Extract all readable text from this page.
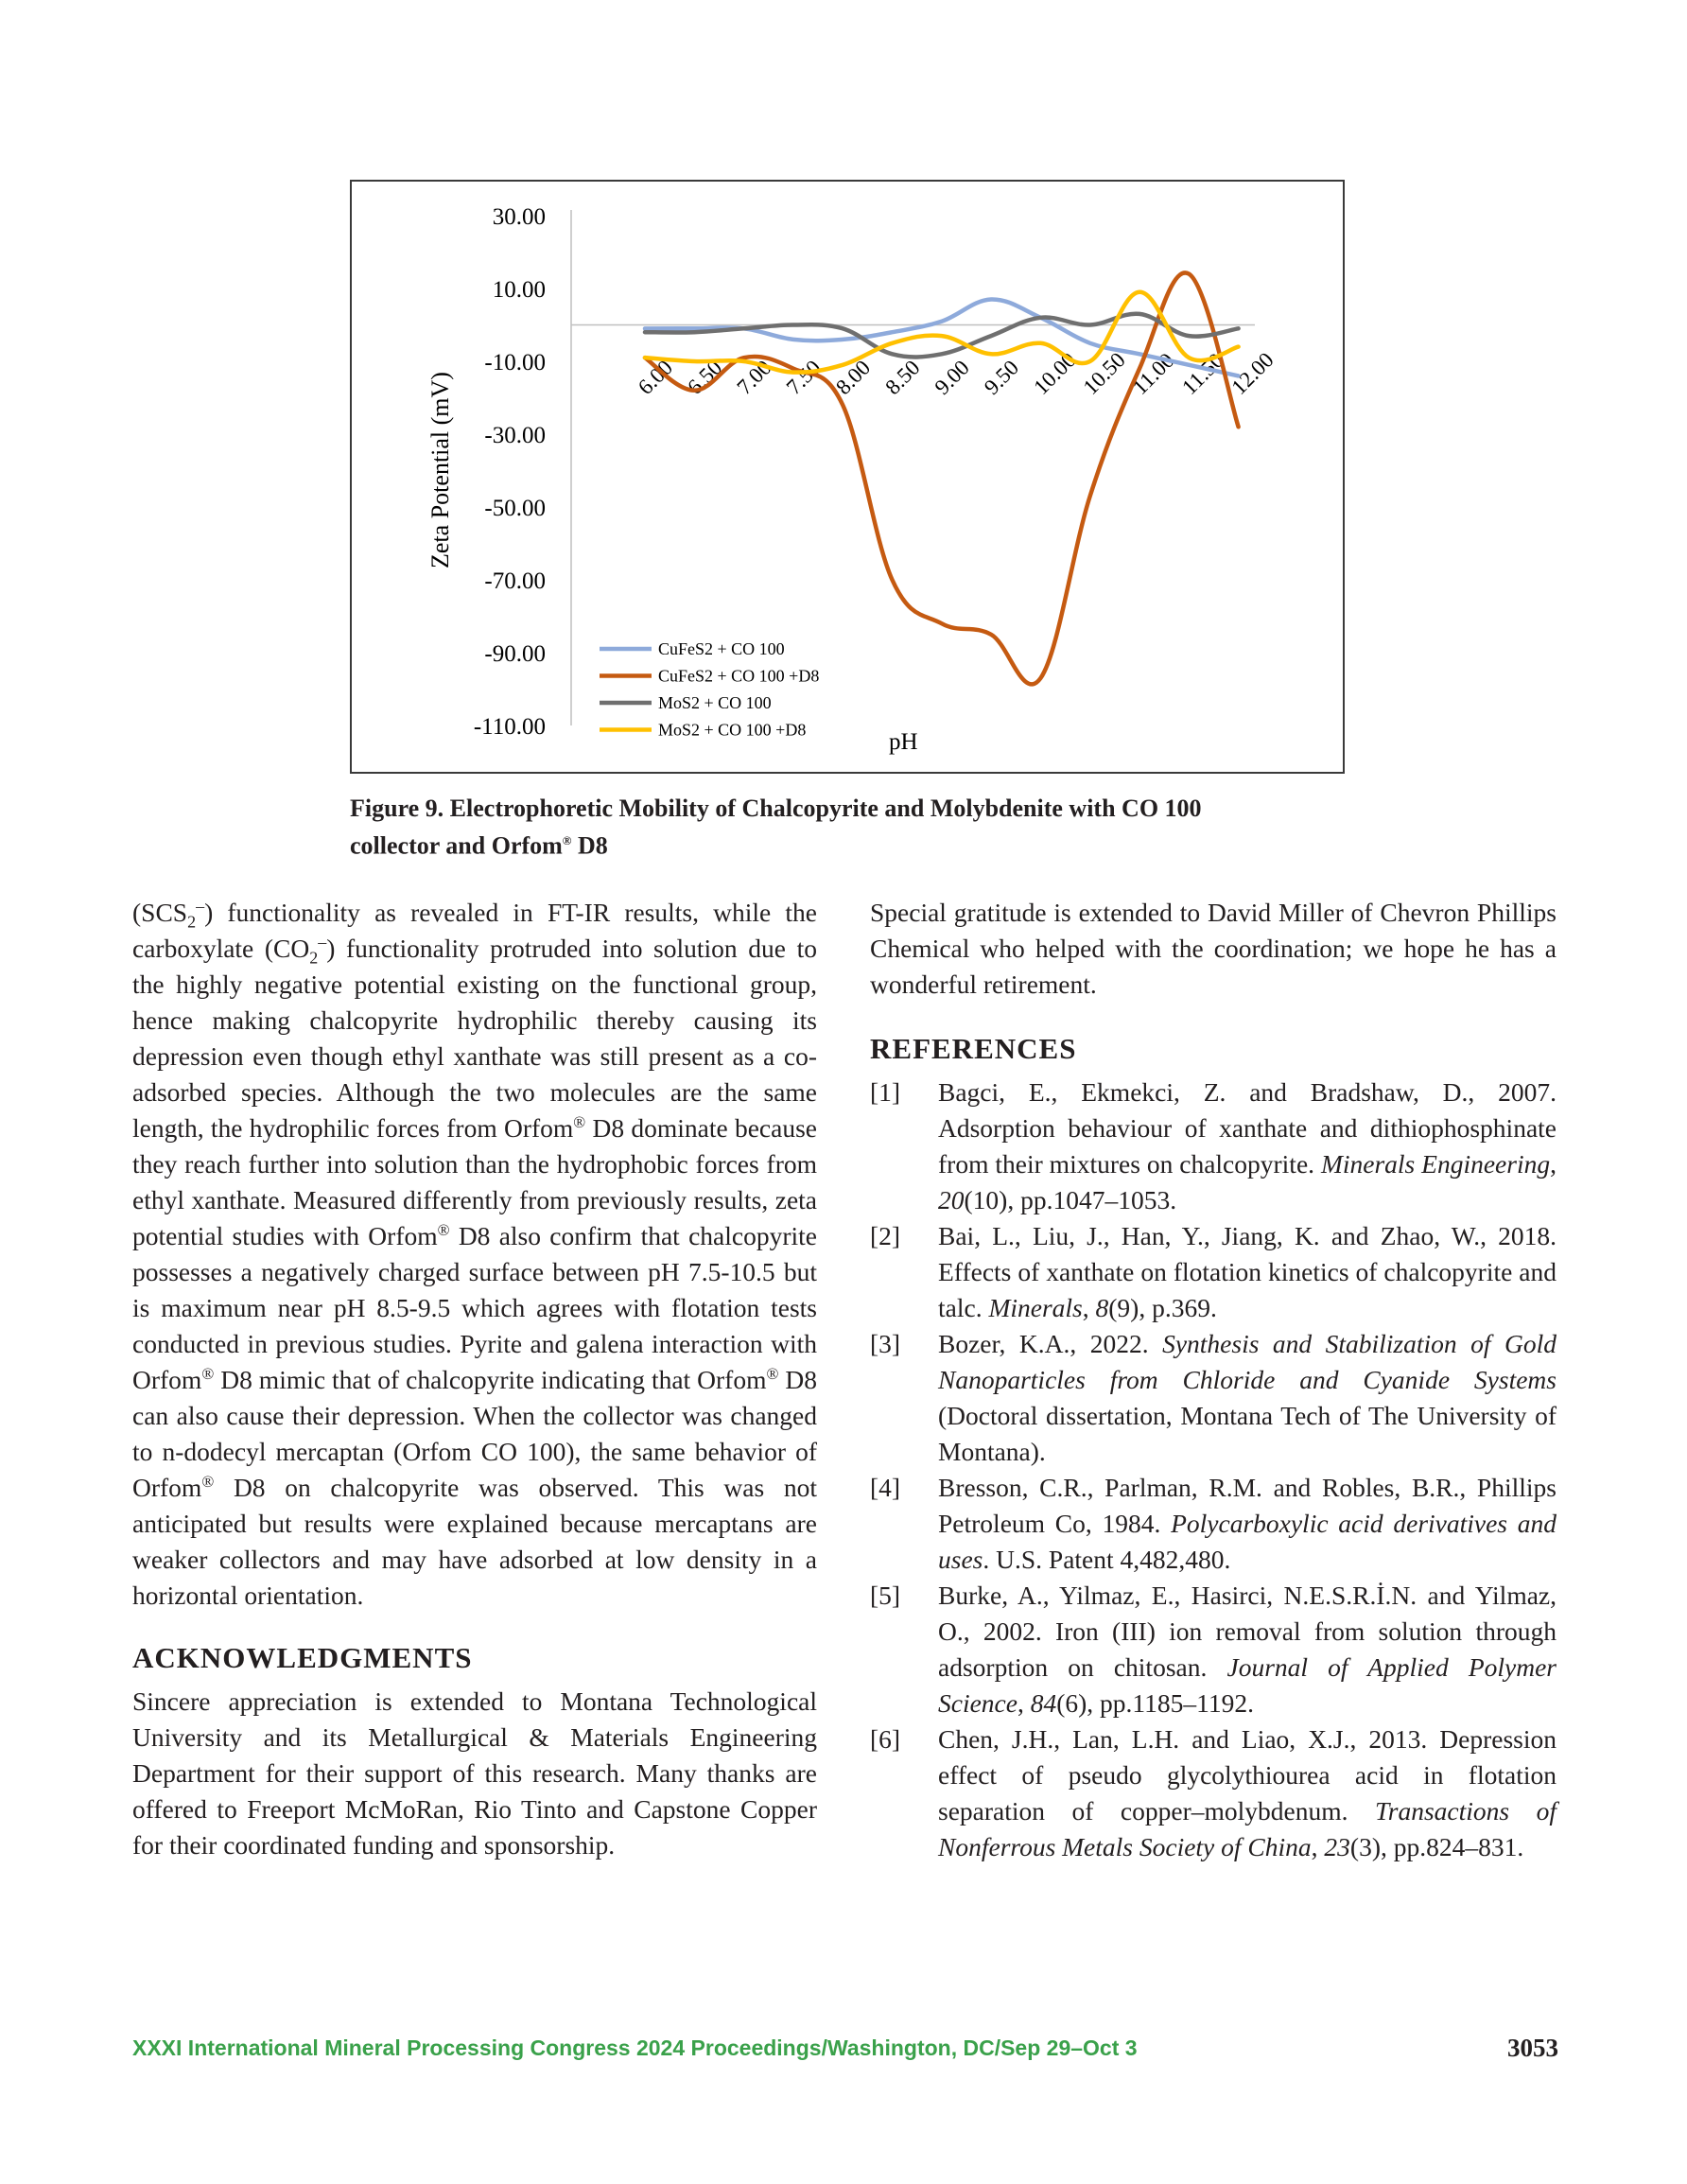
30.00
10.00
-10.00
-30.00
-50.00
-70.00
-90.00
-110.00
Zeta Potential (mV)	6.00 6.50 7.00 7.50 8.00 8.50 9.00 9.50 10.00
10.50
11.00
11.50
12.00
CuFeS2 + CO 100
CuFeS2 + CO 100 +D8
MoS2 + CO 100
MoS2 + CO 100 +D8	pH
Figure 9. Electrophoretic Mobility of Chalcopyrite and Molybdenite with CO 100
collector and Orfom® D8

$(SCS_2^-)$ functionality as revealed in FT-IR results, while the carboxylate $(CO_2^-)$ functionality protruded into solution due to the highly negative potential existing on the functional group, hence making chalcopyrite hydrophilic thereby causing its depression even though ethyl xanthate was still present as a co-adsorbed species. Although the two molecules are the same length, the hydrophilic forces from Orfom® D8 dominate because they reach further into solution than the hydrophobic forces from ethyl xanthate. Measured differently from previously results, zeta potential studies with Orfom® D8 also confirm that chalcopyrite possesses a negatively charged surface between pH 7.5-10.5 but is maximum near pH 8.5-9.5 which agrees with flotation tests conducted in previous studies. Pyrite and galena interaction with Orfom® D8 mimic that of chalcopyrite indicating that Orfom® D8 can also cause their depression. When the collector was changed to n-dodecyl mercaptan (Orfom CO 100), the same behavior of Orfom® D8 on chalcopyrite was observed. This was not anticipated but results were explained because mercaptans are weaker collectors and may have adsorbed at low density in a horizontal orientation.

ACKNOWLEDGMENTS

Sincere appreciation is extended to Montana Technological University and its Metallurgical & Materials Engineering Department for their support of this research. Many thanks are offered to Freeport McMoRan, Rio Tinto and Capstone Copper for their coordinated funding and sponsorship.

Special gratitude is extended to David Miller of Chevron Phillips Chemical who helped with the coordination; we hope he has a wonderful retirement.

REFERENCES

[1] Bagci, E., Ekmekci, Z. and Bradshaw, D., 2007. Adsorption behaviour of xanthate and dithiophosphinate from their mixtures on chalcopyrite. Minerals Engineering, 20(10), pp.1047–1053.

[2] Bai, L., Liu, J., Han, Y., Jiang, K. and Zhao, W., 2018. Effects of xanthate on flotation kinetics of chalcopyrite and talc. Minerals, 8(9), p.369.

[3] Bozer, K.A., 2022. Synthesis and Stabilization of Gold Nanoparticles from Chloride and Cyanide Systems (Doctoral dissertation, Montana Tech of The University of Montana).

[4] Bresson, C.R., Parlman, R.M. and Robles, B.R., Phillips Petroleum Co, 1984. Polycarboxylic acid derivatives and uses. U.S. Patent 4,482,480.

[5] Burke, A., Yilmaz, E., Hasirci, N.E.S.R.İ.N. and Yilmaz, O., 2002. Iron (III) ion removal from solution through adsorption on chitosan. Journal of Applied Polymer Science, 84(6), pp.1185–1192.

[6] Chen, J.H., Lan, L.H. and Liao, X.J., 2013. Depression effect of pseudo glycolythiourea acid in flotation separation of copper–molybdenum. Transactions of Nonferrous Metals Society of China, 23(3), pp.824–831.

XXXI International Mineral Processing Congress 2024 Proceedings/Washington, DC/Sep 29–Oct 3	3053
